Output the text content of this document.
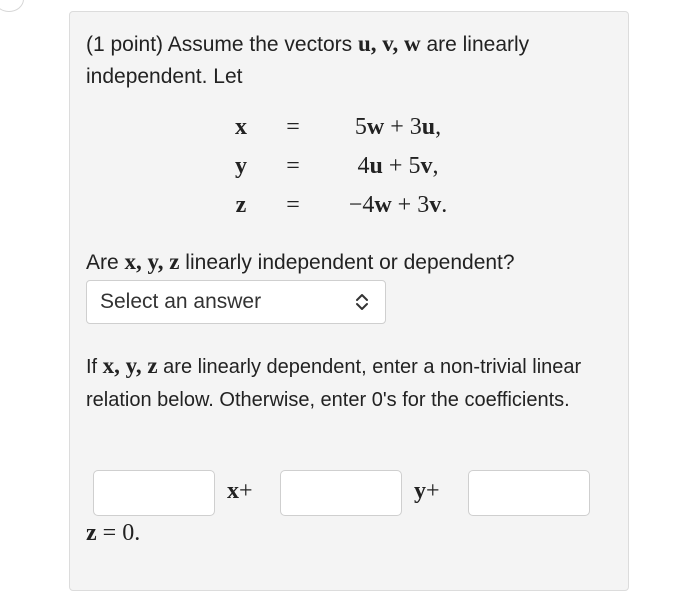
(1 point) Assume the vectors u, v, w are linearly independent. Let
x	=	5w + 3u,
y	=	4u + 5v,
z	=	−4w + 3v.
Are x, y, z linearly independent or dependent?
Select an answer
If x, y, z are linearly dependent, enter a non-trivial linear relation below. Otherwise, enter 0's for the coefficients.
x+	y+
z = 0.
